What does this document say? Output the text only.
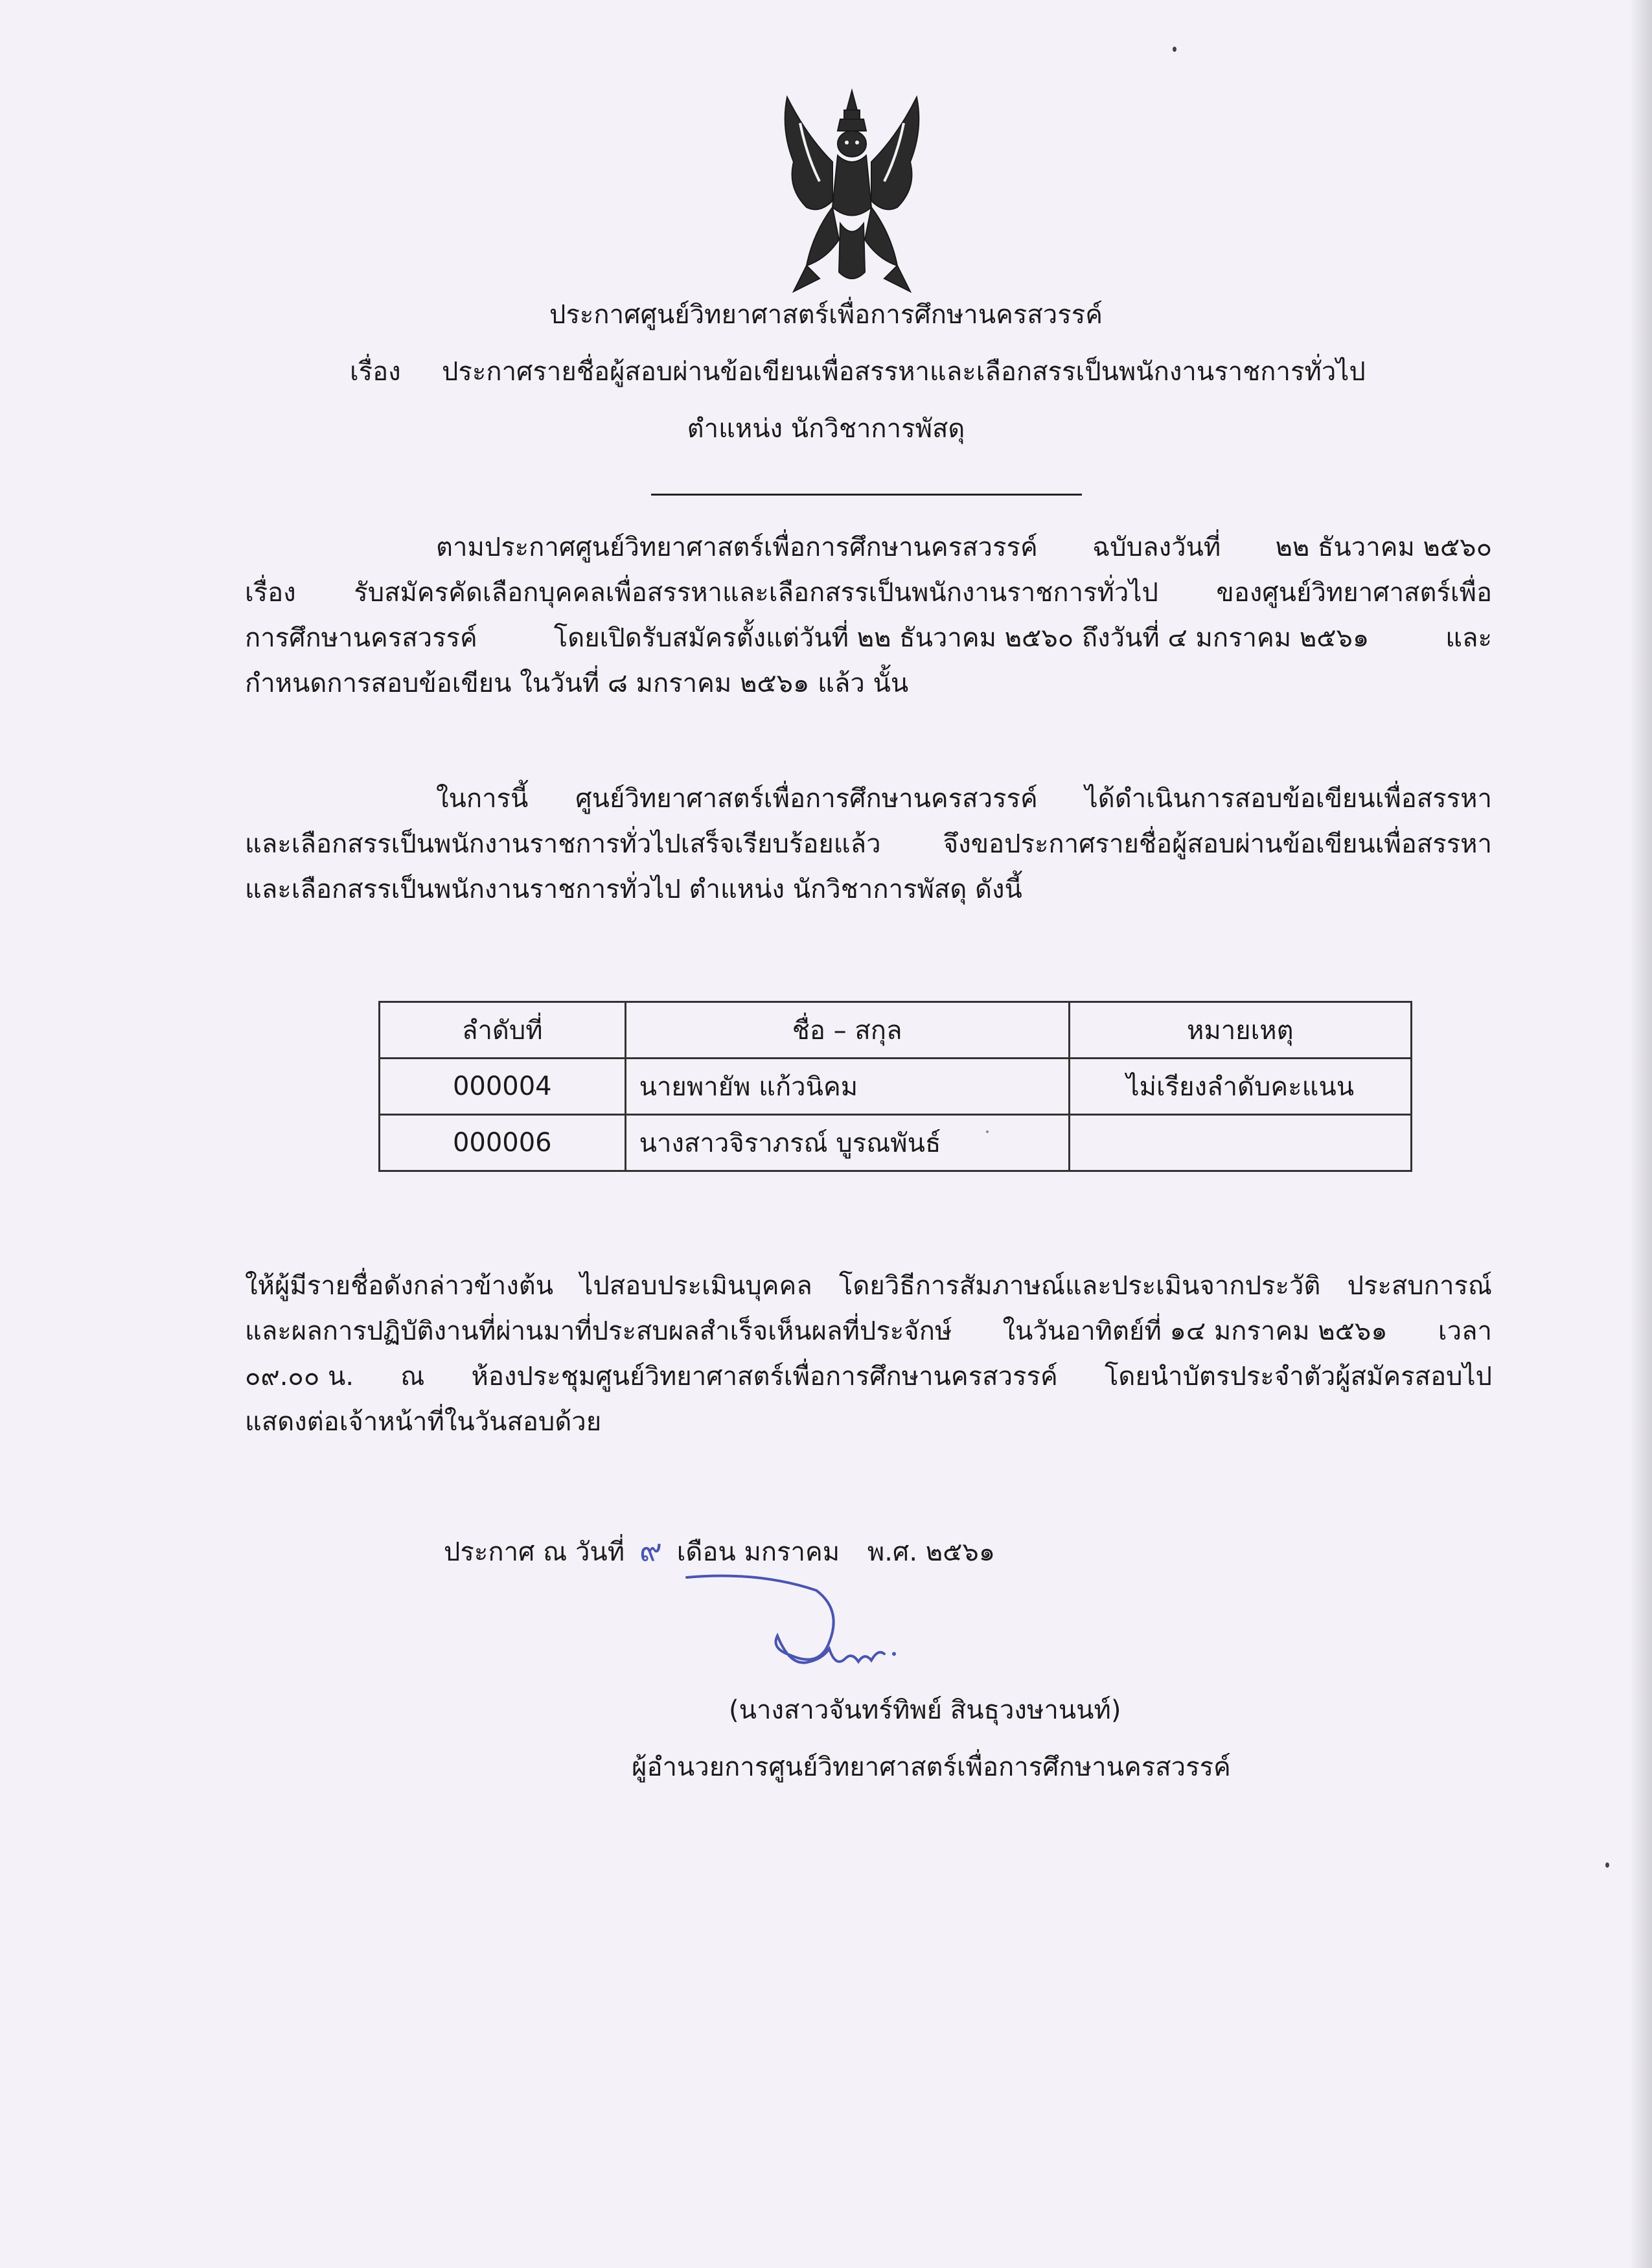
ประกาศศูนย์วิทยาศาสตร์เพื่อการศึกษานครสวรรค์
เรื่อง ประกาศรายชื่อผู้สอบผ่านข้อเขียนเพื่อสรรหาและเลือกสรรเป็นพนักงานราชการทั่วไป
ตำแหน่ง นักวิชาการพัสดุ
ตามประกาศศูนย์วิทยาศาสตร์เพื่อการศึกษานครสวรรค์ ฉบับลงวันที่ ๒๒ ธันวาคม ๒๕๖๐
เรื่อง รับสมัครคัดเลือกบุคคลเพื่อสรรหาและเลือกสรรเป็นพนักงานราชการทั่วไป ของศูนย์วิทยาศาสตร์เพื่อ
การศึกษานครสวรรค์	โดยเปิดรับสมัครตั้งแต่วันที่ ๒๒ ธันวาคม ๒๕๖๐ ถึงวันที่ ๔ มกราคม ๒๕๖๑	และ
กำหนดการสอบข้อเขียน ในวันที่ ๘ มกราคม ๒๕๖๑ แล้ว นั้น
ในการนี้ ศูนย์วิทยาศาสตร์เพื่อการศึกษานครสวรรค์ ได้ดำเนินการสอบข้อเขียนเพื่อสรรหา
และเลือกสรรเป็นพนักงานราชการทั่วไปเสร็จเรียบร้อยแล้ว จึงขอประกาศรายชื่อผู้สอบผ่านข้อเขียนเพื่อสรรหา
และเลือกสรรเป็นพนักงานราชการทั่วไป ตำแหน่ง นักวิชาการพัสดุ ดังนี้
ลำดับที่	ชื่อ – สกุล	หมายเหตุ
000004	นายพายัพ แก้วนิคม	ไม่เรียงลำดับคะแนน
000006	นางสาวจิราภรณ์ บูรณพันธ์	
ให้ผู้มีรายชื่อดังกล่าวข้างต้น ไปสอบประเมินบุคคล โดยวิธีการสัมภาษณ์และประเมินจากประวัติ ประสบการณ์
และผลการปฏิบัติงานที่ผ่านมาที่ประสบผลสำเร็จเห็นผลที่ประจักษ์ ในวันอาทิตย์ที่ ๑๔ มกราคม ๒๕๖๑ เวลา
๐๙.๐๐ น. ณ ห้องประชุมศูนย์วิทยาศาสตร์เพื่อการศึกษานครสวรรค์ โดยนำบัตรประจำตัวผู้สมัครสอบไป
แสดงต่อเจ้าหน้าที่ในวันสอบด้วย
ประกาศ ณ วันที่ ๙ เดือน มกราคม พ.ศ. ๒๕๖๑
(นางสาวจันทร์ทิพย์ สินธุวงษานนท์)
ผู้อำนวยการศูนย์วิทยาศาสตร์เพื่อการศึกษานครสวรรค์
